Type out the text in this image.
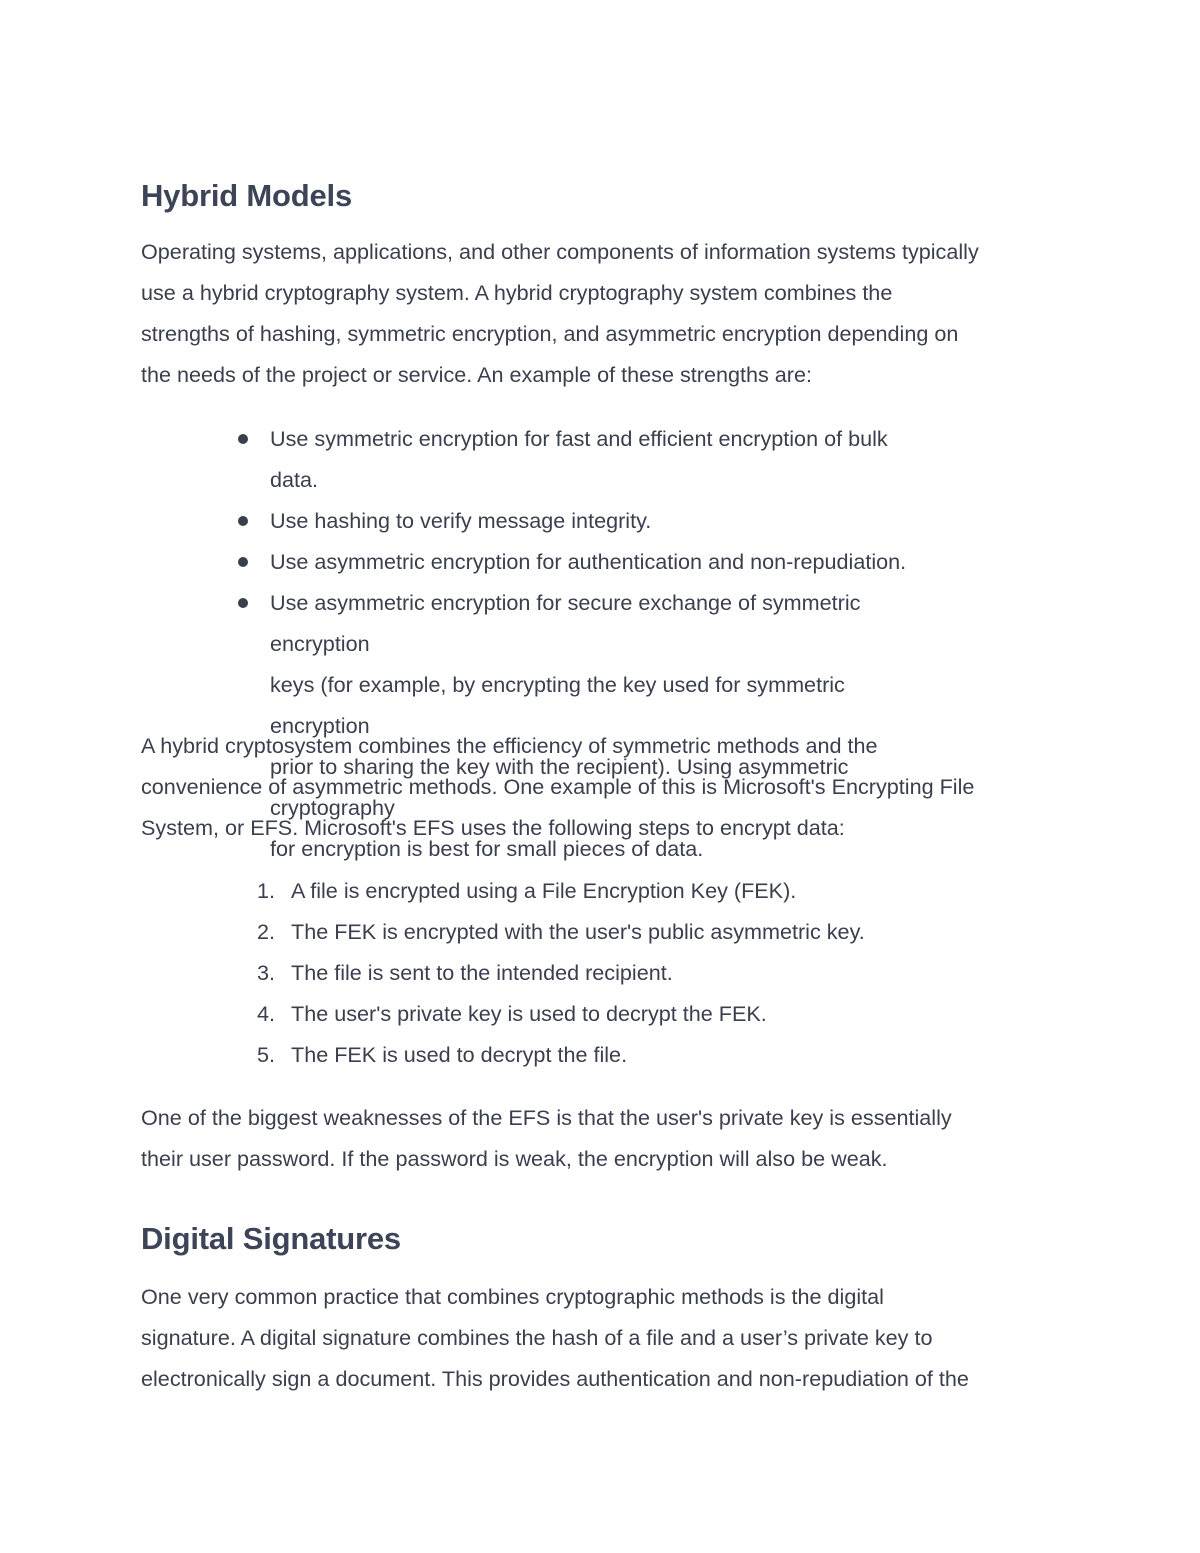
Hybrid Models

Operating systems, applications, and other components of information systems typically
use a hybrid cryptography system. A hybrid cryptography system combines the
strengths of hashing, symmetric encryption, and asymmetric encryption depending on
the needs of the project or service. An example of these strengths are:

Use symmetric encryption for fast and efficient encryption of bulk data.
Use hashing to verify message integrity.
Use asymmetric encryption for authentication and non-repudiation.
Use asymmetric encryption for secure exchange of symmetric encryption
keys (for example, by encrypting the key used for symmetric encryption
prior to sharing the key with the recipient). Using asymmetric cryptography
for encryption is best for small pieces of data.

A hybrid cryptosystem combines the efficiency of symmetric methods and the
convenience of asymmetric methods. One example of this is Microsoft's Encrypting File
System, or EFS. Microsoft's EFS uses the following steps to encrypt data:

1. A file is encrypted using a File Encryption Key (FEK).
2. The FEK is encrypted with the user's public asymmetric key.
3. The file is sent to the intended recipient.
4. The user's private key is used to decrypt the FEK.
5. The FEK is used to decrypt the file.

One of the biggest weaknesses of the EFS is that the user's private key is essentially
their user password. If the password is weak, the encryption will also be weak.

Digital Signatures

One very common practice that combines cryptographic methods is the digital
signature. A digital signature combines the hash of a file and a user’s private key to
electronically sign a document. This provides authentication and non-repudiation of the
